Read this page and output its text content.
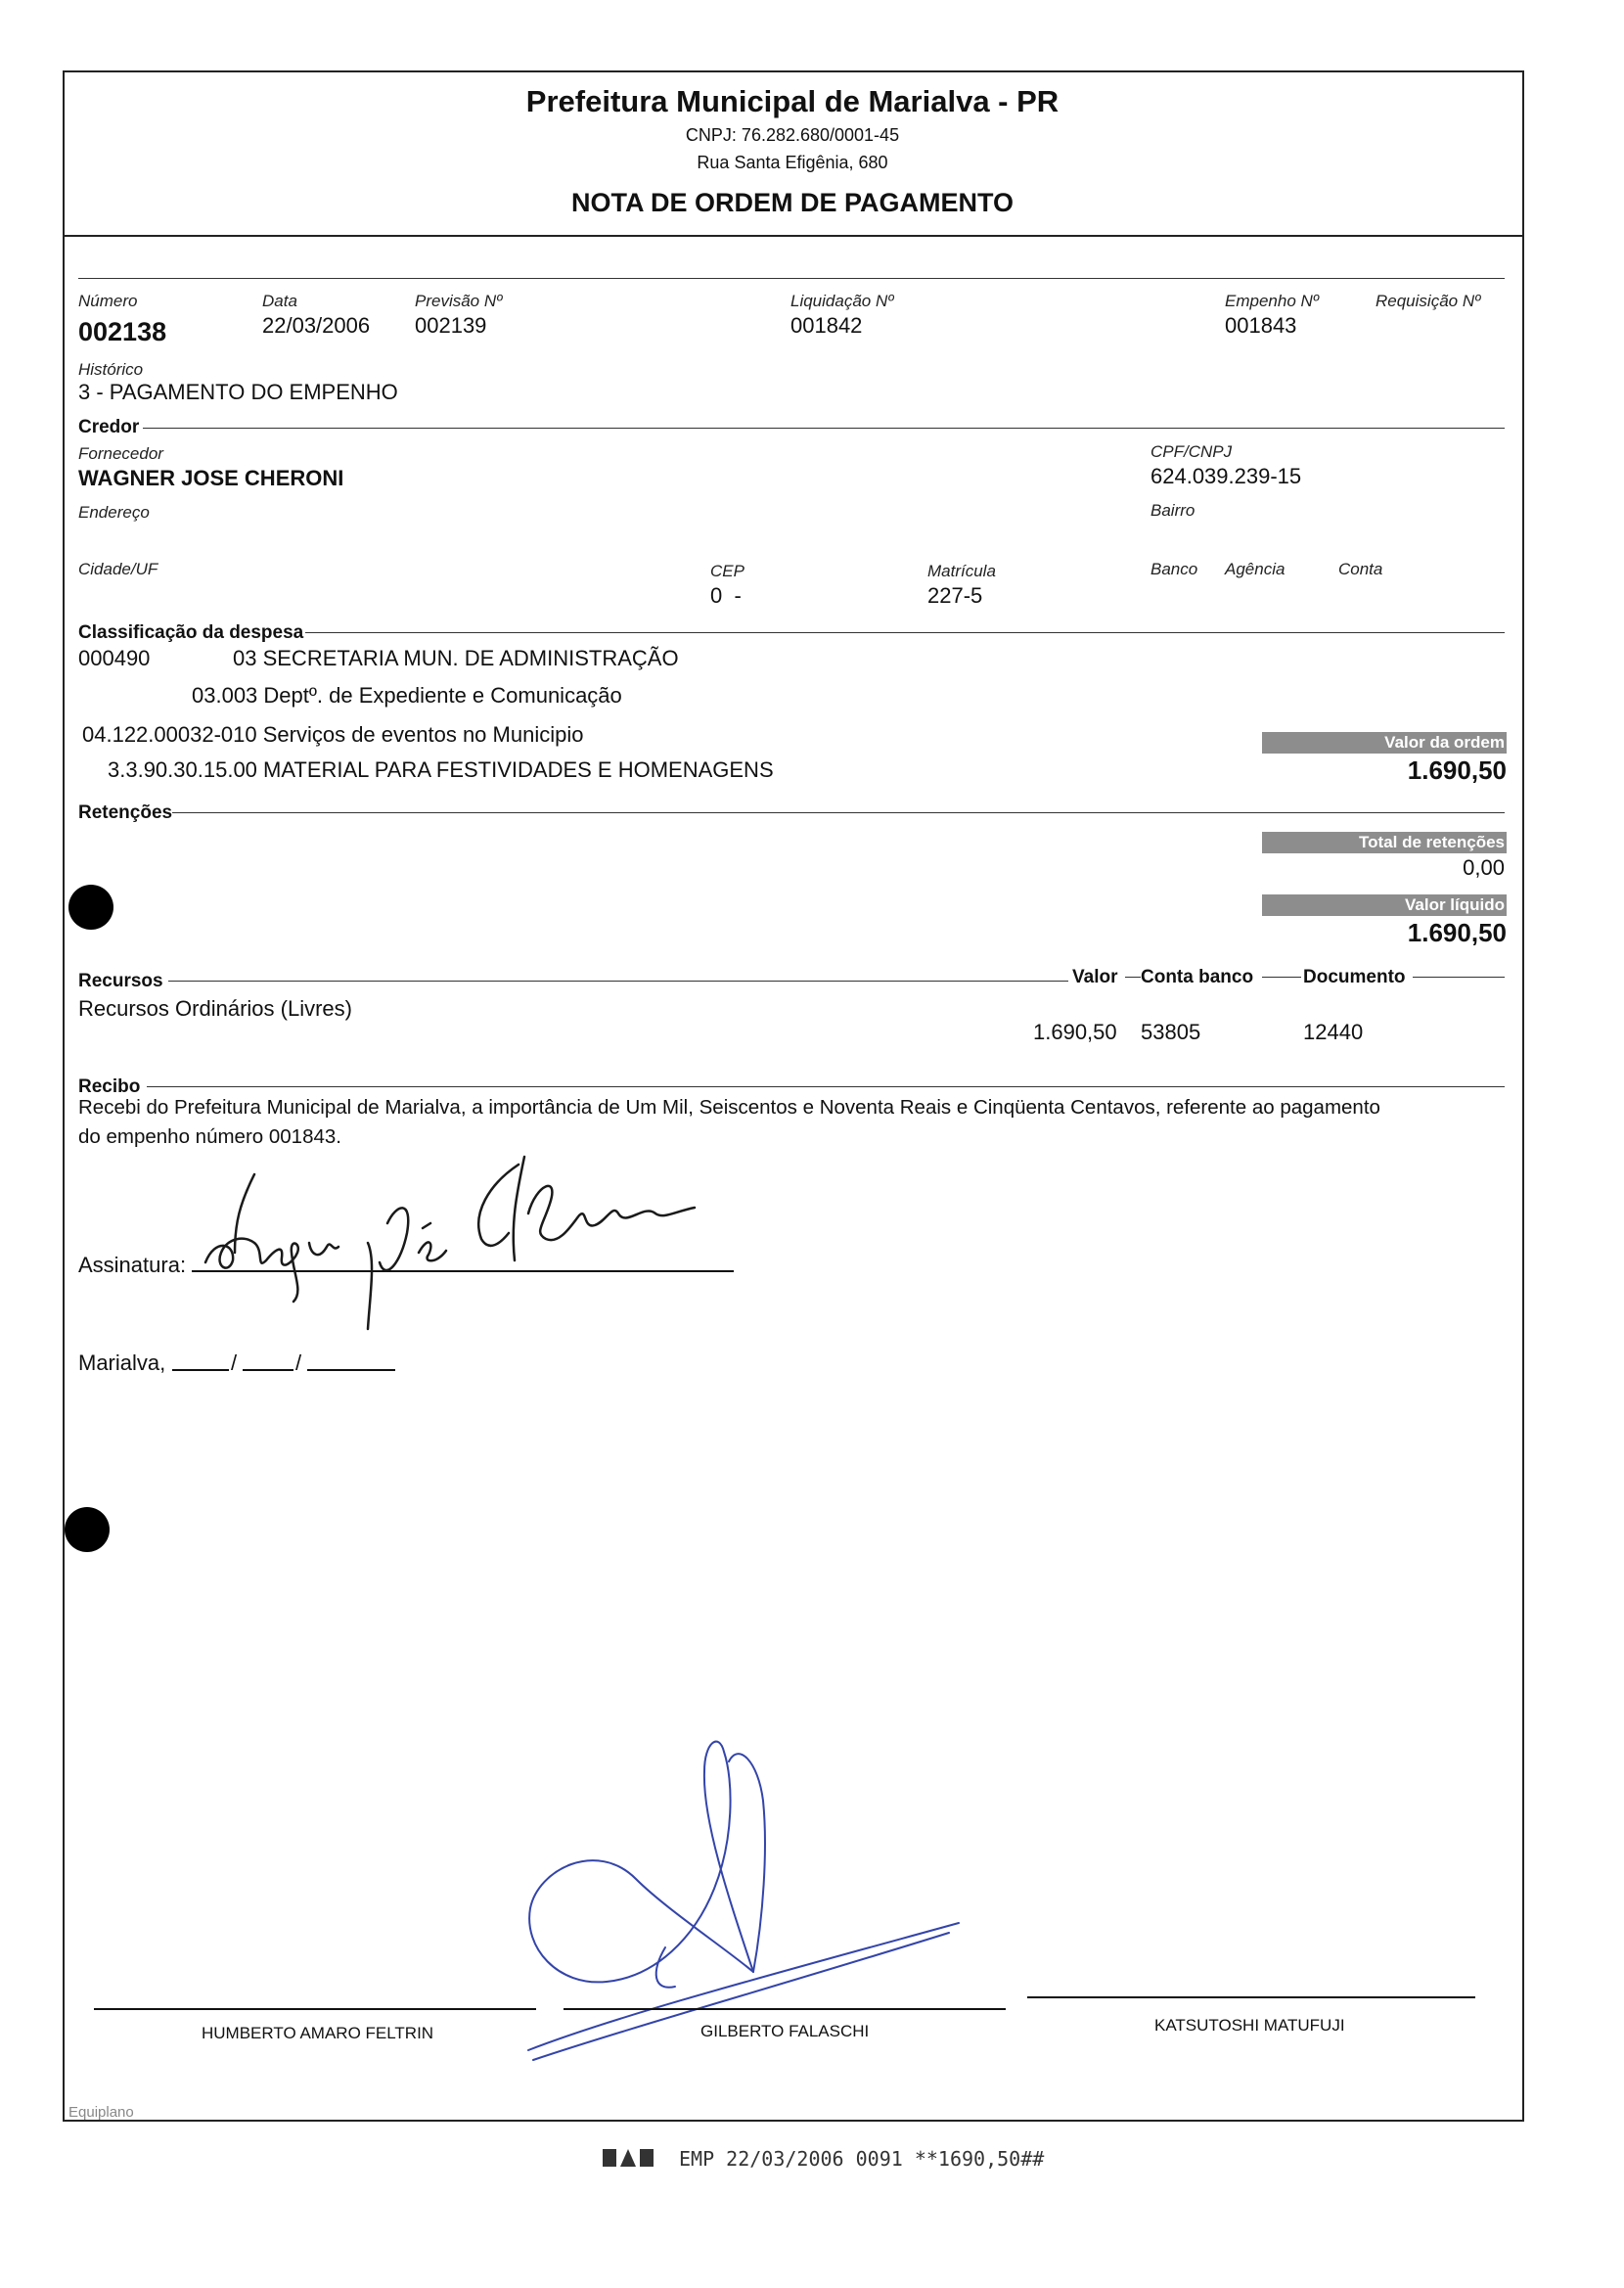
Prefeitura Municipal de Marialva - PR
CNPJ: 76.282.680/0001-45
Rua Santa Efigênia, 680
NOTA DE ORDEM DE PAGAMENTO
Número
002138
Data
22/03/2006
Previsão Nº
002139
Liquidação Nº
001842
Empenho Nº
001843
Requisição Nº
Histórico
3 - PAGAMENTO DO EMPENHO
Credor
Fornecedor
WAGNER JOSE CHERONI
CPF/CNPJ
624.039.239-15
Endereço	Bairro
Cidade/UF	CEP
0  -
Matrícula
227-5
Banco Agência	Conta
Classificação da despesa
000490	03 SECRETARIA MUN. DE ADMINISTRAÇÃO
03.003 Deptº. de Expediente e Comunicação
04.122.00032-010 Serviços de eventos no Municipio
3.3.90.30.15.00 MATERIAL PARA FESTIVIDADES E HOMENAGENS
Valor da ordem
1.690,50
Retenções
Total de retenções
0,00
Valor líquido
1.690,50
Recursos	Valor Conta banco	Documento
Recursos Ordinários (Livres)
1.690,50 53805	12440
Recibo
Recebi do Prefeitura Municipal de Marialva, a importância de Um Mil, Seiscentos e Noventa Reais e Cinqüenta Centavos, referente ao pagamento
do empenho número 001843.
Assinatura:
Marialva,	/	/
HUMBERTO AMARO FELTRIN	GILBERTO FALASCHI	KATSUTOSHI MATUFUJI
Equiplano
EMP 22/03/2006 0091 **1690,50##
